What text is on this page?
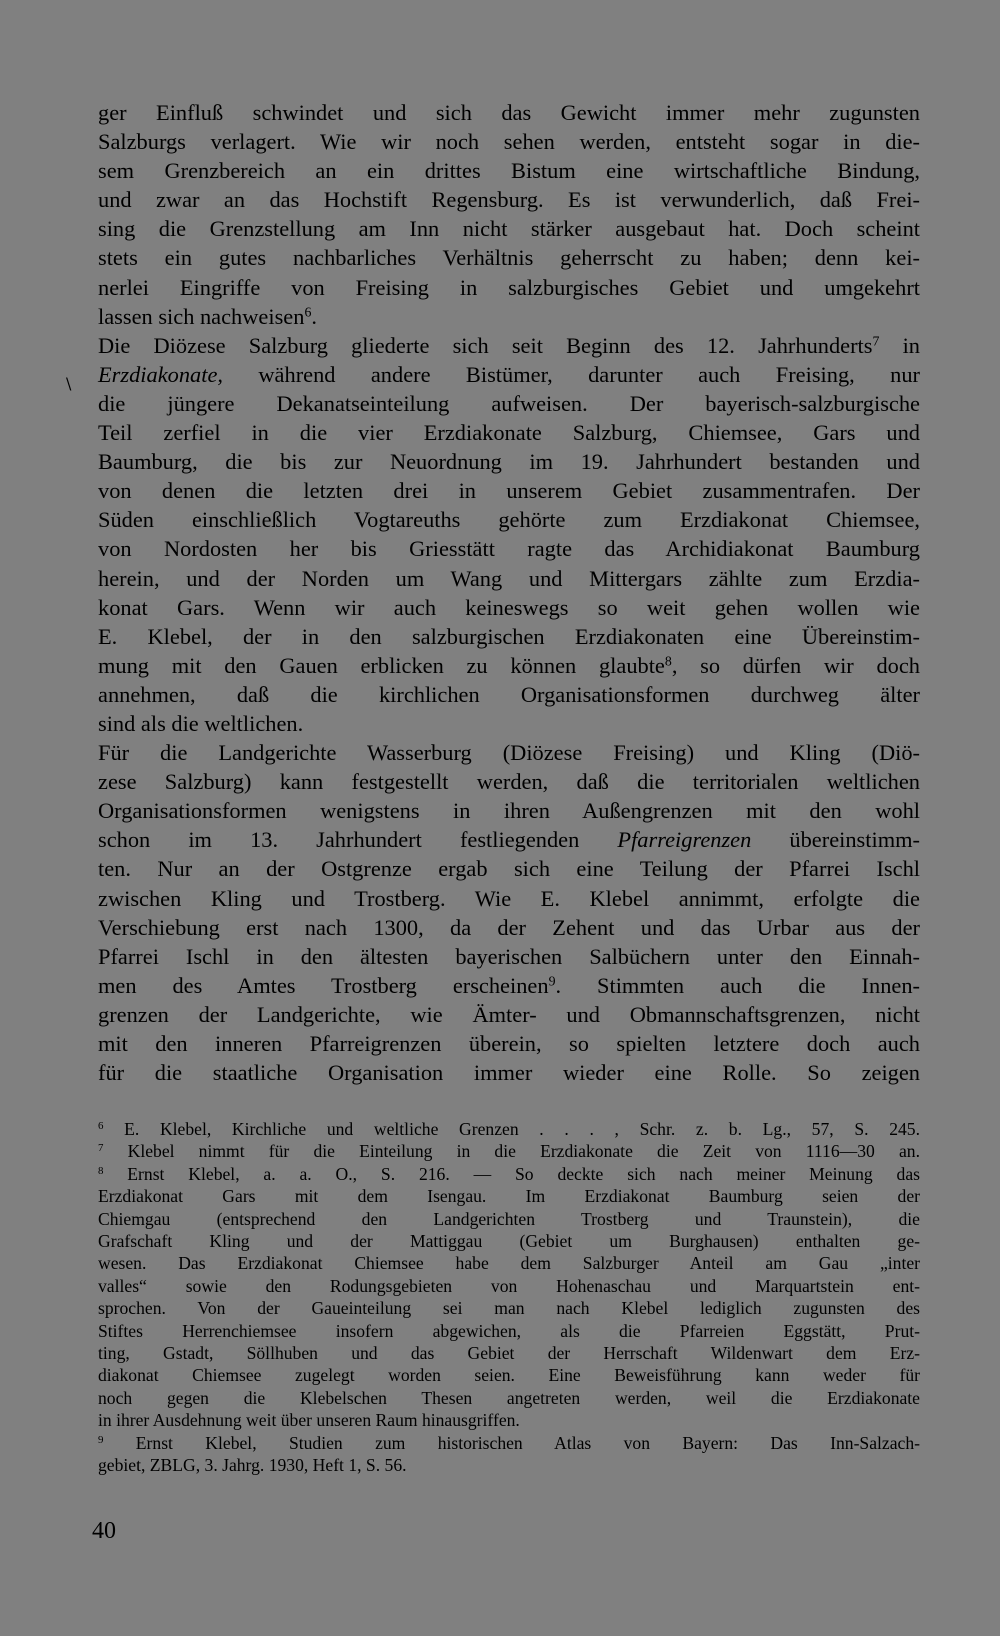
\

ger Einfluß schwindet und sich das Gewicht immer mehr zugunsten
Salzburgs verlagert. Wie wir noch sehen werden, entsteht sogar in die-
sem Grenzbereich an ein drittes Bistum eine wirtschaftliche Bindung,
und zwar an das Hochstift Regensburg. Es ist verwunderlich, daß Frei-
sing die Grenzstellung am Inn nicht stärker ausgebaut hat. Doch scheint
stets ein gutes nachbarliches Verhältnis geherrscht zu haben; denn kei-
nerlei Eingriffe von Freising in salzburgisches Gebiet und umgekehrt
lassen sich nachweisen$^6$.

Die Diözese Salzburg gliederte sich seit Beginn des 12. Jahrhunderts$^7$ in
Erzdiakonate, während andere Bistümer, darunter auch Freising, nur
die jüngere Dekanatseinteilung aufweisen. Der bayerisch-salzburgische
Teil zerfiel in die vier Erzdiakonate Salzburg, Chiemsee, Gars und
Baumburg, die bis zur Neuordnung im 19. Jahrhundert bestanden und
von denen die letzten drei in unserem Gebiet zusammentrafen. Der
Süden einschließlich Vogtareuths gehörte zum Erzdiakonat Chiemsee,
von Nordosten her bis Griesstätt ragte das Archidiakonat Baumburg
herein, und der Norden um Wang und Mittergars zählte zum Erzdia-
konat Gars. Wenn wir auch keineswegs so weit gehen wollen wie
E. Klebel, der in den salzburgischen Erzdiakonaten eine Übereinstim-
mung mit den Gauen erblicken zu können glaubte$^8$, so dürfen wir doch
annehmen, daß die kirchlichen Organisationsformen durchweg älter
sind als die weltlichen.

Für die Landgerichte Wasserburg (Diözese Freising) und Kling (Diö-
zese Salzburg) kann festgestellt werden, daß die territorialen weltlichen
Organisationsformen wenigstens in ihren Außengrenzen mit den wohl
schon im 13. Jahrhundert festliegenden Pfarreigrenzen übereinstimm-
ten. Nur an der Ostgrenze ergab sich eine Teilung der Pfarrei Ischl
zwischen Kling und Trostberg. Wie E. Klebel annimmt, erfolgte die
Verschiebung erst nach 1300, da der Zehent und das Urbar aus der
Pfarrei Ischl in den ältesten bayerischen Salbüchern unter den Einnah-
men des Amtes Trostberg erscheinen$^9$. Stimmten auch die Innen-
grenzen der Landgerichte, wie Ämter- und Obmannschaftsgrenzen, nicht
mit den inneren Pfarreigrenzen überein, so spielten letztere doch auch
für die staatliche Organisation immer wieder eine Rolle. So zeigen

$^6$ E. Klebel, Kirchliche und weltliche Grenzen . . . , Schr. z. b. Lg., 57, S. 245.
$^7$ Klebel nimmt für die Einteilung in die Erzdiakonate die Zeit von 1116—30 an.
$^8$ Ernst Klebel, a. a. O., S. 216. — So deckte sich nach meiner Meinung das
Erzdiakonat Gars mit dem Isengau. Im Erzdiakonat Baumburg seien der
Chiemgau (entsprechend den Landgerichten Trostberg und Traunstein), die
Grafschaft Kling und der Mattiggau (Gebiet um Burghausen) enthalten ge-
wesen. Das Erzdiakonat Chiemsee habe dem Salzburger Anteil am Gau „inter
valles“ sowie den Rodungsgebieten von Hohenaschau und Marquartstein ent-
sprochen. Von der Gaueinteilung sei man nach Klebel lediglich zugunsten des
Stiftes Herrenchiemsee insofern abgewichen, als die Pfarreien Eggstätt, Prut-
ting, Gstadt, Söllhuben und das Gebiet der Herrschaft Wildenwart dem Erz-
diakonat Chiemsee zugelegt worden seien. Eine Beweisführung kann weder für
noch gegen die Klebelschen Thesen angetreten werden, weil die Erzdiakonate
in ihrer Ausdehnung weit über unseren Raum hinausgriffen.
$^9$ Ernst Klebel, Studien zum historischen Atlas von Bayern: Das Inn-Salzach-
gebiet, ZBLG, 3. Jahrg. 1930, Heft 1, S. 56.
40
